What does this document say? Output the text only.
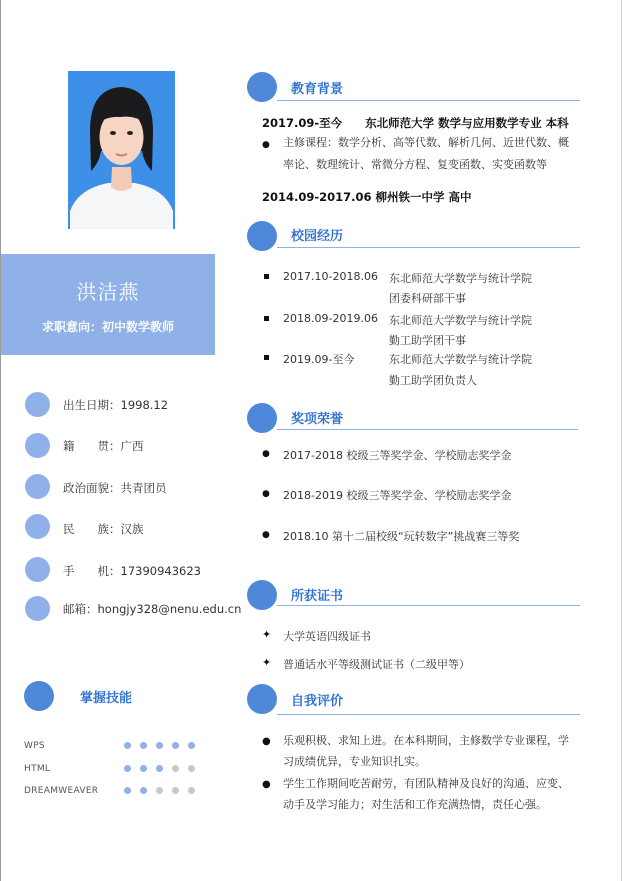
洪洁燕
求职意向：初中数学教师
出生日期：1998.12
籍　　贯：广西
政治面貌：共青团员
民　　族：汉族
手　　机：17390943623
邮箱：hongjy328@nenu.edu.cn
掌握技能
WPS
HTML
DREAMWEAVER
教育背景
2017.09-至今　　东北师范大学 数学与应用数学专业 本科
● 主修课程：数学分析、高等代数、解析几何、近世代数、概率论、数理统计、常微分方程、复变函数、实变函数等
2014.09-2017.06 柳州铁一中学 高中
校园经历
2017.10-2018.06 东北师范大学数学与统计学院
团委科研部干事
2018.09-2019.06 东北师范大学数学与统计学院
勤工助学团干事
2019.09-至今	东北师范大学数学与统计学院
勤工助学团负责人
奖项荣誉
● 2017-2018 校级三等奖学金、学校励志奖学金
● 2018-2019 校级三等奖学金、学校励志奖学金
● 2018.10 第十二届校级“玩转数字”挑战赛三等奖
所获证书
✦ 大学英语四级证书
✦ 普通话水平等级测试证书（二级甲等）
自我评价
● 乐观积极、求知上进。在本科期间，主修数学专业课程，学习成绩优异，专业知识扎实。
● 学生工作期间吃苦耐劳，有团队精神及良好的沟通、应变、动手及学习能力；对生活和工作充满热情，责任心强。
